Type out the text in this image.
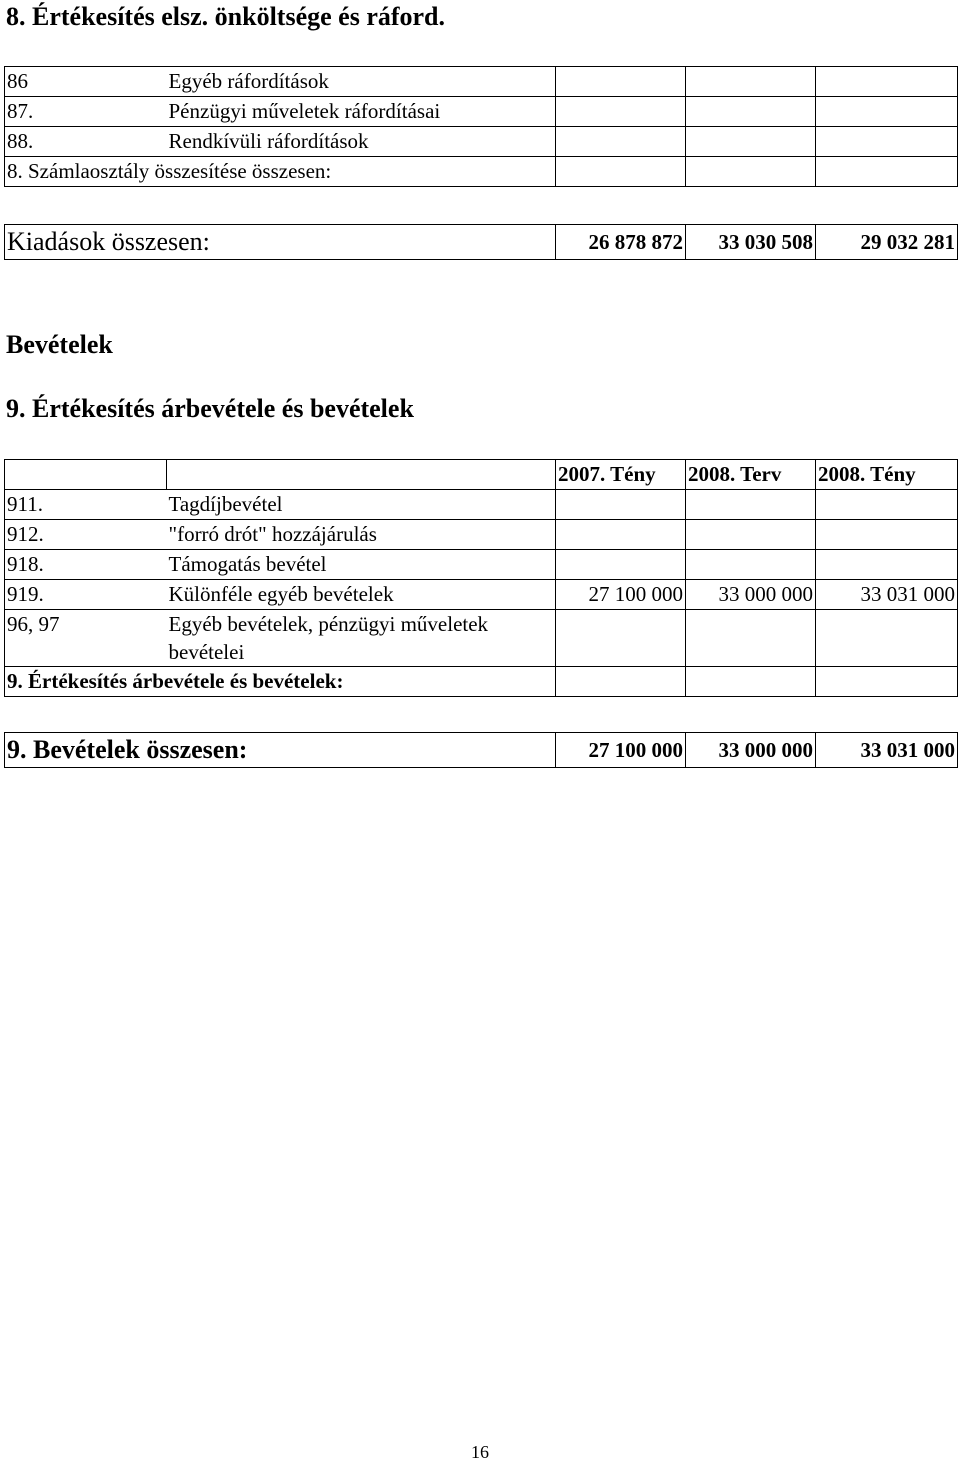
8. Értékesítés elsz. önköltsége és ráford.
86	Egyéb ráfordítások			
87.	Pénzügyi műveletek ráfordításai			
88.	Rendkívüli ráfordítások			
8. Számlaosztály összesítése összesen:				
Kiadások összesen:	26 878 872	33 030 508	29 032 281
Bevételek
9. Értékesítés árbevétele és bevételek
		2007. Tény	2008. Terv	2008. Tény
911.	Tagdíjbevétel			
912.	"forró drót" hozzájárulás			
918.	Támogatás bevétel			
919.	Különféle egyéb bevételek	27 100 000	33 000 000	33 031 000
96, 97	Egyéb bevételek, pénzügyi műveletek bevételei			
9. Értékesítés árbevétele és bevételek:				
9. Bevételek összesen:	27 100 000	33 000 000	33 031 000
16
